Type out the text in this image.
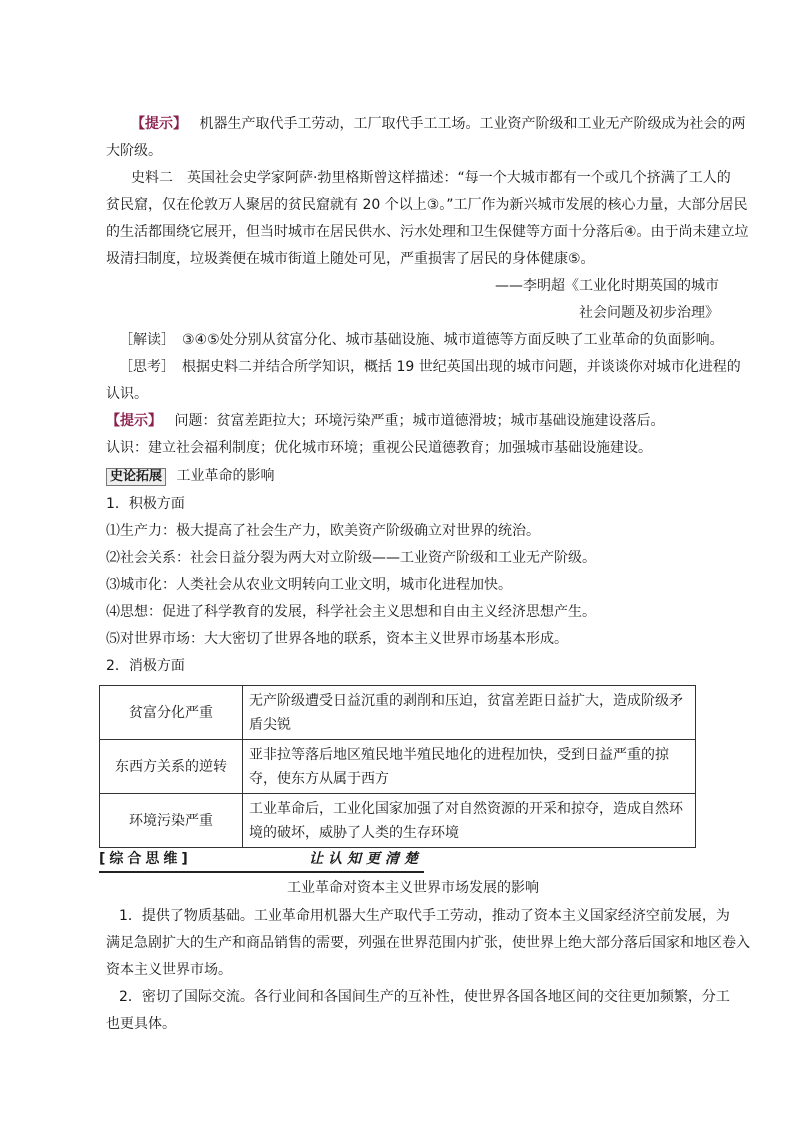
【提示】 机器生产取代手工劳动，工厂取代手工工场。工业资产阶级和工业无产阶级成为社会的两
大阶级。
史料二　英国社会史学家阿萨·勃里格斯曾这样描述：“每一个大城市都有一个或几个挤满了工人的
贫民窟，仅在伦敦万人聚居的贫民窟就有 20 个以上③。”工厂作为新兴城市发展的核心力量，大部分居民
的生活都围绕它展开，但当时城市在居民供水、污水处理和卫生保健等方面十分落后④。由于尚未建立垃
圾清扫制度，垃圾粪便在城市街道上随处可见，严重损害了居民的身体健康⑤。
——李明超《工业化时期英国的城市
社会问题及初步治理》
［解读］　③④⑤处分别从贫富分化、城市基础设施、城市道德等方面反映了工业革命的负面影响。
［思考］　根据史料二并结合所学知识，概括 19 世纪英国出现的城市问题，并谈谈你对城市化进程的
认识。
【提示】 问题：贫富差距拉大；环境污染严重；城市道德滑坡；城市基础设施建设落后。
认识：建立社会福利制度；优化城市环境；重视公民道德教育；加强城市基础设施建设。
史论拓展 工业革命的影响
1．积极方面
⑴生产力：极大提高了社会生产力，欧美资产阶级确立对世界的统治。
⑵社会关系：社会日益分裂为两大对立阶级——工业资产阶级和工业无产阶级。
⑶城市化：人类社会从农业文明转向工业文明，城市化进程加快。
⑷思想：促进了科学教育的发展，科学社会主义思想和自由主义经济思想产生。
⑸对世界市场：大大密切了世界各地的联系，资本主义世界市场基本形成。
2．消极方面
贫富分化严重	无产阶级遭受日益沉重的剥削和压迫，贫富差距日益扩大，造成阶级矛盾尖锐
东西方关系的逆转	亚非拉等落后地区殖民地半殖民地化的进程加快，受到日益严重的掠夺，使东方从属于西方
环境污染严重	工业革命后，工业化国家加强了对自然资源的开采和掠夺，造成自然环境的破坏，威胁了人类的生存环境
[综合思维]	让认知更清楚
工业革命对资本主义世界市场发展的影响
1．提供了物质基础。工业革命用机器大生产取代手工劳动，推动了资本主义国家经济空前发展，为
满足急剧扩大的生产和商品销售的需要，列强在世界范围内扩张，使世界上绝大部分落后国家和地区卷入
资本主义世界市场。
2．密切了国际交流。各行业间和各国间生产的互补性，使世界各国各地区间的交往更加频繁，分工
也更具体。
